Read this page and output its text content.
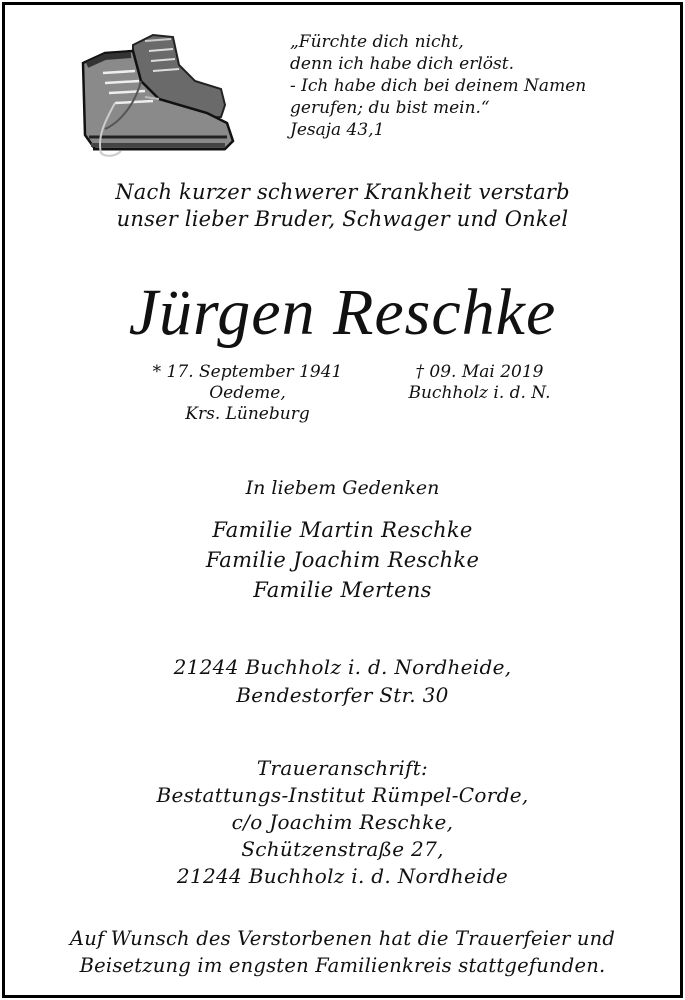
„Fürchte dich nicht,
denn ich habe dich erlöst.
- Ich habe dich bei deinem Namen
gerufen; du bist mein.“
Jesaja 43,1
Nach kurzer schwerer Krankheit verstarb
unser lieber Bruder, Schwager und Onkel
Jürgen Reschke
* 17. September 1941
Oedeme,
Krs. Lüneburg
† 09. Mai 2019
Buchholz i. d. N.
In liebem Gedenken
Familie Martin Reschke
Familie Joachim Reschke
Familie Mertens
21244 Buchholz i. d. Nordheide,
Bendestorfer Str. 30
Traueranschrift:
Bestattungs-Institut Rümpel-Corde,
c/o Joachim Reschke,
Schützenstraße 27,
21244 Buchholz i. d. Nordheide
Auf Wunsch des Verstorbenen hat die Trauerfeier und
Beisetzung im engsten Familienkreis stattgefunden.
